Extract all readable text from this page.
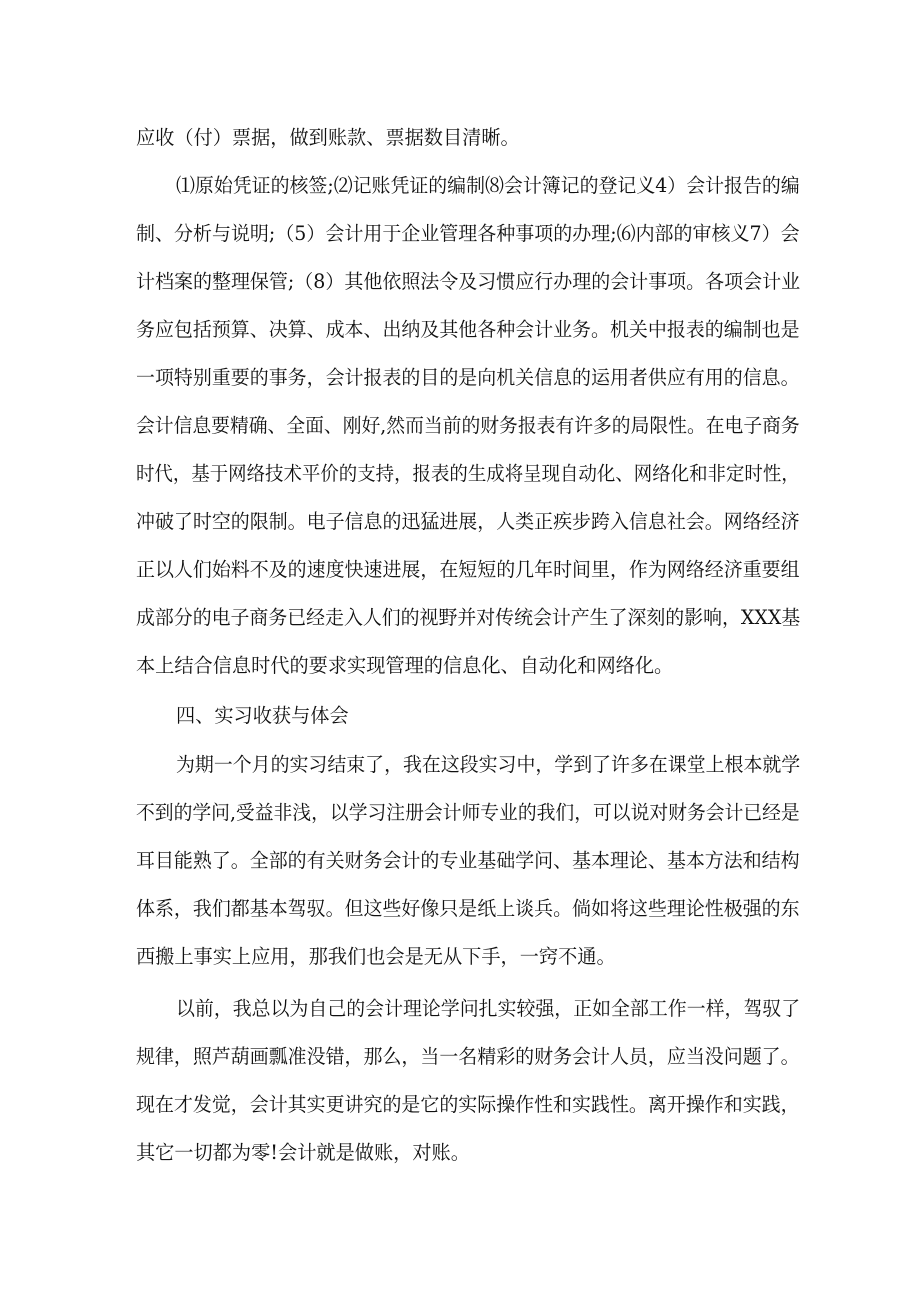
应收（付）票据，做到账款、票据数目清晰。

⑴原始凭证的核签;⑵记账凭证的编制⑻会计簿记的登记义4）会计报告的编

制、分析与说明;（5）会计用于企业管理各种事项的办理;⑹内部的审核义7）会

计档案的整理保管;（8）其他依照法令及习惯应行办理的会计事项。各项会计业

务应包括预算、决算、成本、出纳及其他各种会计业务。机关中报表的编制也是

一项特别重要的事务，会计报表的目的是向机关信息的运用者供应有用的信息。

会计信息要精确、全面、刚好,然而当前的财务报表有许多的局限性。在电子商务

时代，基于网络技术平价的支持，报表的生成将呈现自动化、网络化和非定时性，

冲破了时空的限制。电子信息的迅猛进展，人类正疾步跨入信息社会。网络经济

正以人们始料不及的速度快速进展，在短短的几年时间里，作为网络经济重要组

成部分的电子商务已经走入人们的视野并对传统会计产生了深刻的影响，XXX基

本上结合信息时代的要求实现管理的信息化、自动化和网络化。

四、实习收获与体会

为期一个月的实习结束了，我在这段实习中，学到了许多在课堂上根本就学

不到的学问,受益非浅，以学习注册会计师专业的我们，可以说对财务会计已经是

耳目能熟了。全部的有关财务会计的专业基础学问、基本理论、基本方法和结构

体系，我们都基本驾驭。但这些好像只是纸上谈兵。倘如将这些理论性极强的东

西搬上事实上应用，那我们也会是无从下手，一窍不通。

以前，我总以为自己的会计理论学问扎实较强，正如全部工作一样，驾驭了

规律，照芦葫画瓢准没错，那么，当一名精彩的财务会计人员，应当没问题了。

现在才发觉，会计其实更讲究的是它的实际操作性和实践性。离开操作和实践，

其它一切都为零!会计就是做账，对账。
